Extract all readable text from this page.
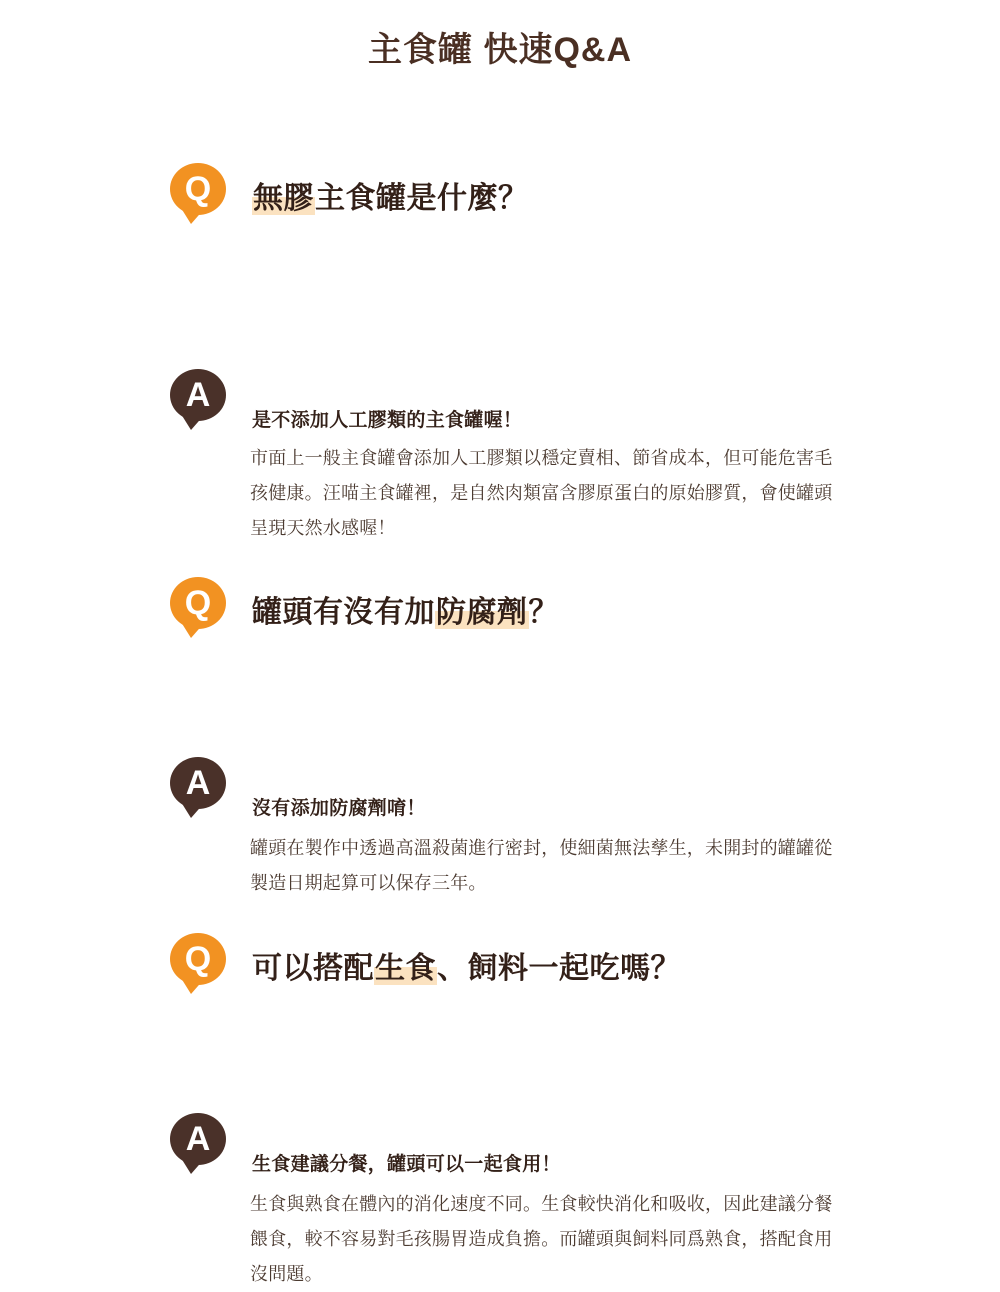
主食罐 快速Q&A
Q 無膠主食罐是什麼？
A
是不添加人工膠類的主食罐喔！
市面上一般主食罐會添加人工膠類以穩定賣相、節省成本，但可能危害毛孩健康。汪喵主食罐裡，是自然肉類富含膠原蛋白的原始膠質，會使罐頭呈現天然水感喔！
Q 罐頭有沒有加防腐劑？
A
沒有添加防腐劑唷！
罐頭在製作中透過高溫殺菌進行密封，使細菌無法孳生，未開封的罐罐從製造日期起算可以保存三年。
Q 可以搭配生食、飼料一起吃嗎？
A
生食建議分餐，罐頭可以一起食用！
生食與熟食在體內的消化速度不同。生食較快消化和吸收，因此建議分餐餵食，較不容易對毛孩腸胃造成負擔。而罐頭與飼料同爲熟食，搭配食用沒問題。
